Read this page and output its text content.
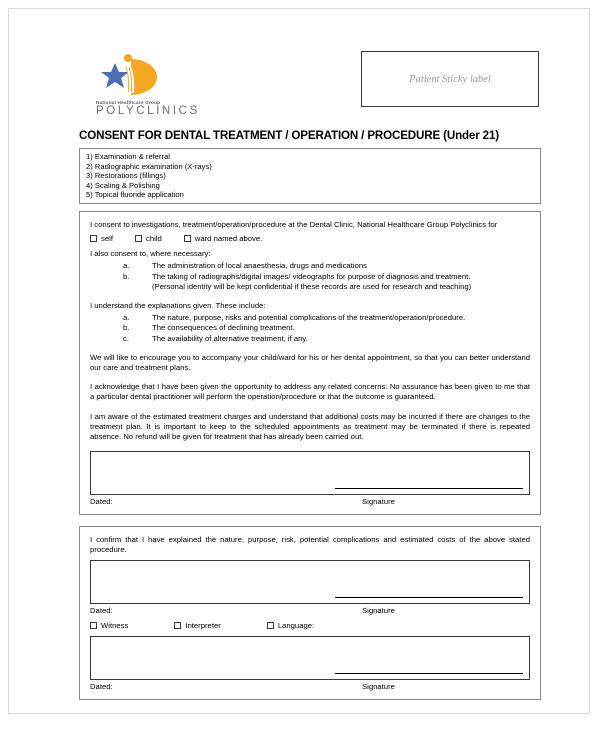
National Healthcare Group
POLYCLINICS
Patient Sticky label
CONSENT FOR DENTAL TREATMENT / OPERATION / PROCEDURE (Under 21)
1) Examination & referral
2) Radiographic examination (X-rays)
3) Restorations (fillings)
4) Scaling & Polishing
5) Topical fluoride application

I consent to investigations, treatment/operation/procedure at the Dental Clinic, National Healthcare Group Polyclinics for

self	child	ward named above.

I also consent to, where necessary:

a.	The administration of local anaesthesia, drugs and medications
b.	The taking of radiographs/digital images/ videographs for purpose of diagnosis and treatment.
(Personal identity will be kept confidential if these records are used for research and teaching)

I understand the explanations given. These include:

a.	The nature, purpose, risks and potential complications of the treatment/operation/procedure.
b.	The consequences of declining treatment.
c.	The availability of alternative treatment, if any.

We will like to encourage you to accompany your child/ward for his or her dental appointment, so that you can better understand our care and treatment plans.

I acknowledge that I have been given the opportunity to address any related concerns. No assurance has been given to me that a particular dental practitioner will perform the operation/procedure or that the outcome is guaranteed.

I am aware of the estimated treatment charges and understand that additional costs may be incurred if there are changes to the treatment plan. It is important to keep to the scheduled appointments as treatment may be terminated if there is repeated absence. No refund will be given for treatment that has already been carried out.

Dated:	Signature

I confirm that I have explained the nature, purpose, risk, potential complications and estimated costs of the above stated procedure.

Dated:	Signature
Witness	Interpreter	Language:
Dated:	Signature
